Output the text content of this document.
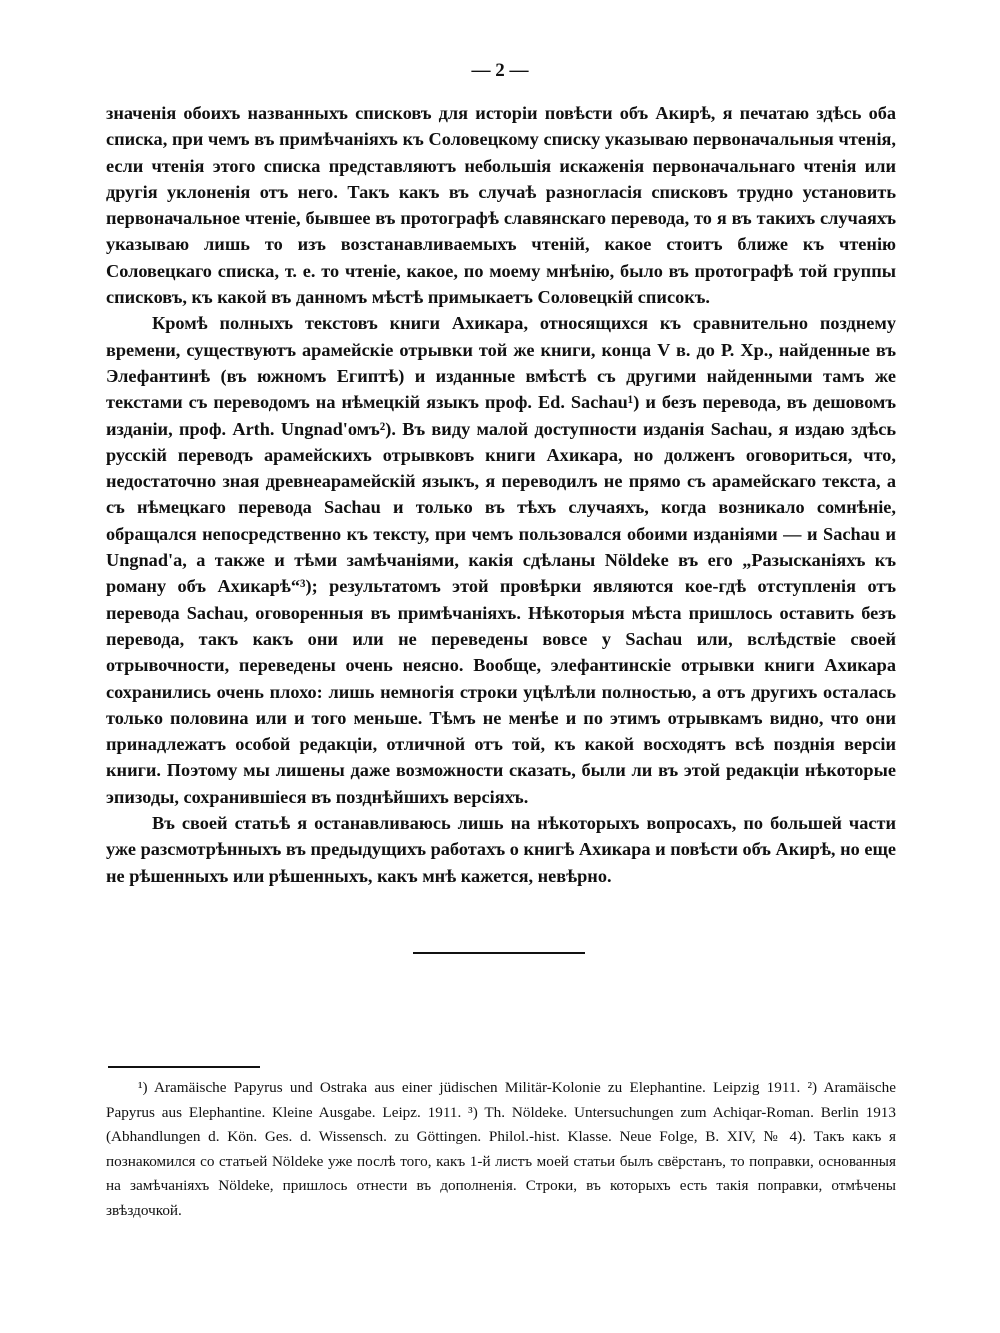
— 2 —

значенія обоихъ названныхъ списковъ для исторіи повѣсти объ Акирѣ, я печатаю здѣсь оба списка, при чемъ въ примѣчаніяхъ къ Соловецкому списку указываю первоначальныя чтенія, если чтенія этого списка представляютъ небольшія искаженія первоначальнаго чтенія или другія уклоненія отъ него. Такъ какъ въ случаѣ разногласія списковъ трудно установить первоначальное чтеніе, бывшее въ протографѣ славянскаго перевода, то я въ такихъ случаяхъ указываю лишь то изъ возстанавливаемыхъ чтеній, какое стоитъ ближе къ чтенію Соловецкаго списка, т. е. то чтеніе, какое, по моему мнѣнію, было въ протографѣ той группы списковъ, къ какой въ данномъ мѣстѣ примыкаетъ Соловецкій списокъ.

Кромѣ полныхъ текстовъ книги Ахикара, относящихся къ сравнительно позднему времени, существуютъ арамейскіе отрывки той же книги, конца V в. до Р. Хр., найденные въ Элефантинѣ (въ южномъ Египтѣ) и изданные вмѣстѣ съ другими найденными тамъ же текстами съ переводомъ на нѣмецкій языкъ проф. Ed. Sachau¹) и безъ перевода, въ дешовомъ изданіи, проф. Arth. Ungnad'омъ²). Въ виду малой доступности изданія Sachau, я издаю здѣсь русскій переводъ арамейскихъ отрывковъ книги Ахикара, но долженъ оговориться, что, недостаточно зная древнеарамейскій языкъ, я переводилъ не прямо съ арамейскаго текста, а съ нѣмецкаго перевода Sachau и только въ тѣхъ случаяхъ, когда возникало сомнѣніе, обращался непосредственно къ тексту, при чемъ пользовался обоими изданіями — и Sachau и Ungnad'a, а также и тѣми замѣчаніями, какія сдѣланы Nöldeke въ его „Разысканіяхъ къ роману объ Ахикарѣ“³); результатомъ этой провѣрки являются кое-гдѣ отступленія отъ перевода Sachau, оговоренныя въ примѣчаніяхъ. Нѣкоторыя мѣста пришлось оставить безъ перевода, такъ какъ они или не переведены вовсе у Sachau или, вслѣдствіе своей отрывочности, переведены очень неясно. Вообще, элефантинскіе отрывки книги Ахикара сохранились очень плохо: лишь немногія строки уцѣлѣли полностью, а отъ другихъ осталась только половина или и того меньше. Тѣмъ не менѣе и по этимъ отрывкамъ видно, что они принадлежатъ особой редакціи, отличной отъ той, къ какой восходятъ всѣ позднія версіи книги. Поэтому мы лишены даже возможности сказать, были ли въ этой редакціи нѣкоторые эпизоды, сохранившіеся въ позднѣйшихъ версіяхъ.

Въ своей статьѣ я останавливаюсь лишь на нѣкоторыхъ вопросахъ, по большей части уже разсмотрѣнныхъ въ предыдущихъ работахъ о книгѣ Ахикара и повѣсти объ Акирѣ, но еще не рѣшенныхъ или рѣшенныхъ, какъ мнѣ кажется, невѣрно.

¹) Aramäische Papyrus und Ostraka aus einer jüdischen Militär-Kolonie zu Elephantine. Leipzig 1911. ²) Aramäische Papyrus aus Elephantine. Kleine Ausgabe. Leipz. 1911. ³) Th. Nöldeke. Untersuchungen zum Achiqar-Roman. Berlin 1913 (Abhandlungen d. Kön. Ges. d. Wissensch. zu Göttingen. Philol.-hist. Klasse. Neue Folge, B. XIV, № 4). Такъ какъ я познакомился со статьей Nöldeke уже послѣ того, какъ 1-й листъ моей статьи былъ свёрстанъ, то поправки, основанныя на замѣчаніяхъ Nöldeke, пришлось отнести въ дополненія. Строки, въ которыхъ есть такія поправки, отмѣчены звѣздочкой.
